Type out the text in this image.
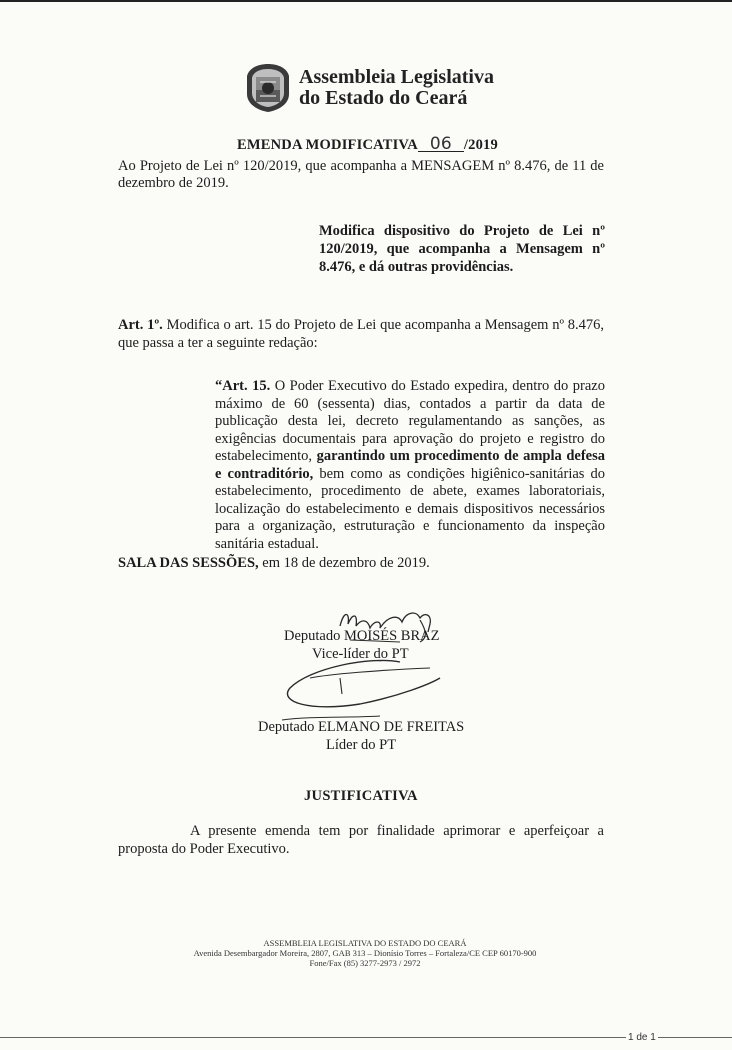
Assembleia Legislativa
do Estado do Ceará
EMENDA MODIFICATIVA 06 /2019
Ao Projeto de Lei nº 120/2019, que acompanha a MENSAGEM nº 8.476, de 11 de dezembro de 2019.
Modifica dispositivo do Projeto de Lei nº 120/2019, que acompanha a Mensagem nº 8.476, e dá outras providências.
Art. 1º. Modifica o art. 15 do Projeto de Lei que acompanha a Mensagem nº 8.476, que passa a ter a seguinte redação:
“Art. 15. O Poder Executivo do Estado expedira, dentro do prazo máximo de 60 (sessenta) dias, contados a partir da data de publicação desta lei, decreto regulamentando as sanções, as exigências documentais para aprovação do projeto e registro do estabelecimento, garantindo um procedimento de ampla defesa e contraditório, bem como as condições higiênico-sanitárias do estabelecimento, procedimento de abete, exames laboratoriais, localização do estabelecimento e demais dispositivos necessários para a organização, estruturação e funcionamento da inspeção sanitária estadual.
SALA DAS SESSÕES, em 18 de dezembro de 2019.
Deputado MOISÉS BRAZ
Vice-líder do PT
Deputado ELMANO DE FREITAS
Líder do PT
JUSTIFICATIVA
A presente emenda tem por finalidade aprimorar e aperfeiçoar a proposta do Poder Executivo.
ASSEMBLEIA LEGISLATIVA DO ESTADO DO CEARÁ
Avenida Desembargador Moreira, 2807, GAB 313 – Dionísio Torres – Fortaleza/CE CEP 60170-900
Fone/Fax (85) 3277-2973 / 2972
1 de 1
